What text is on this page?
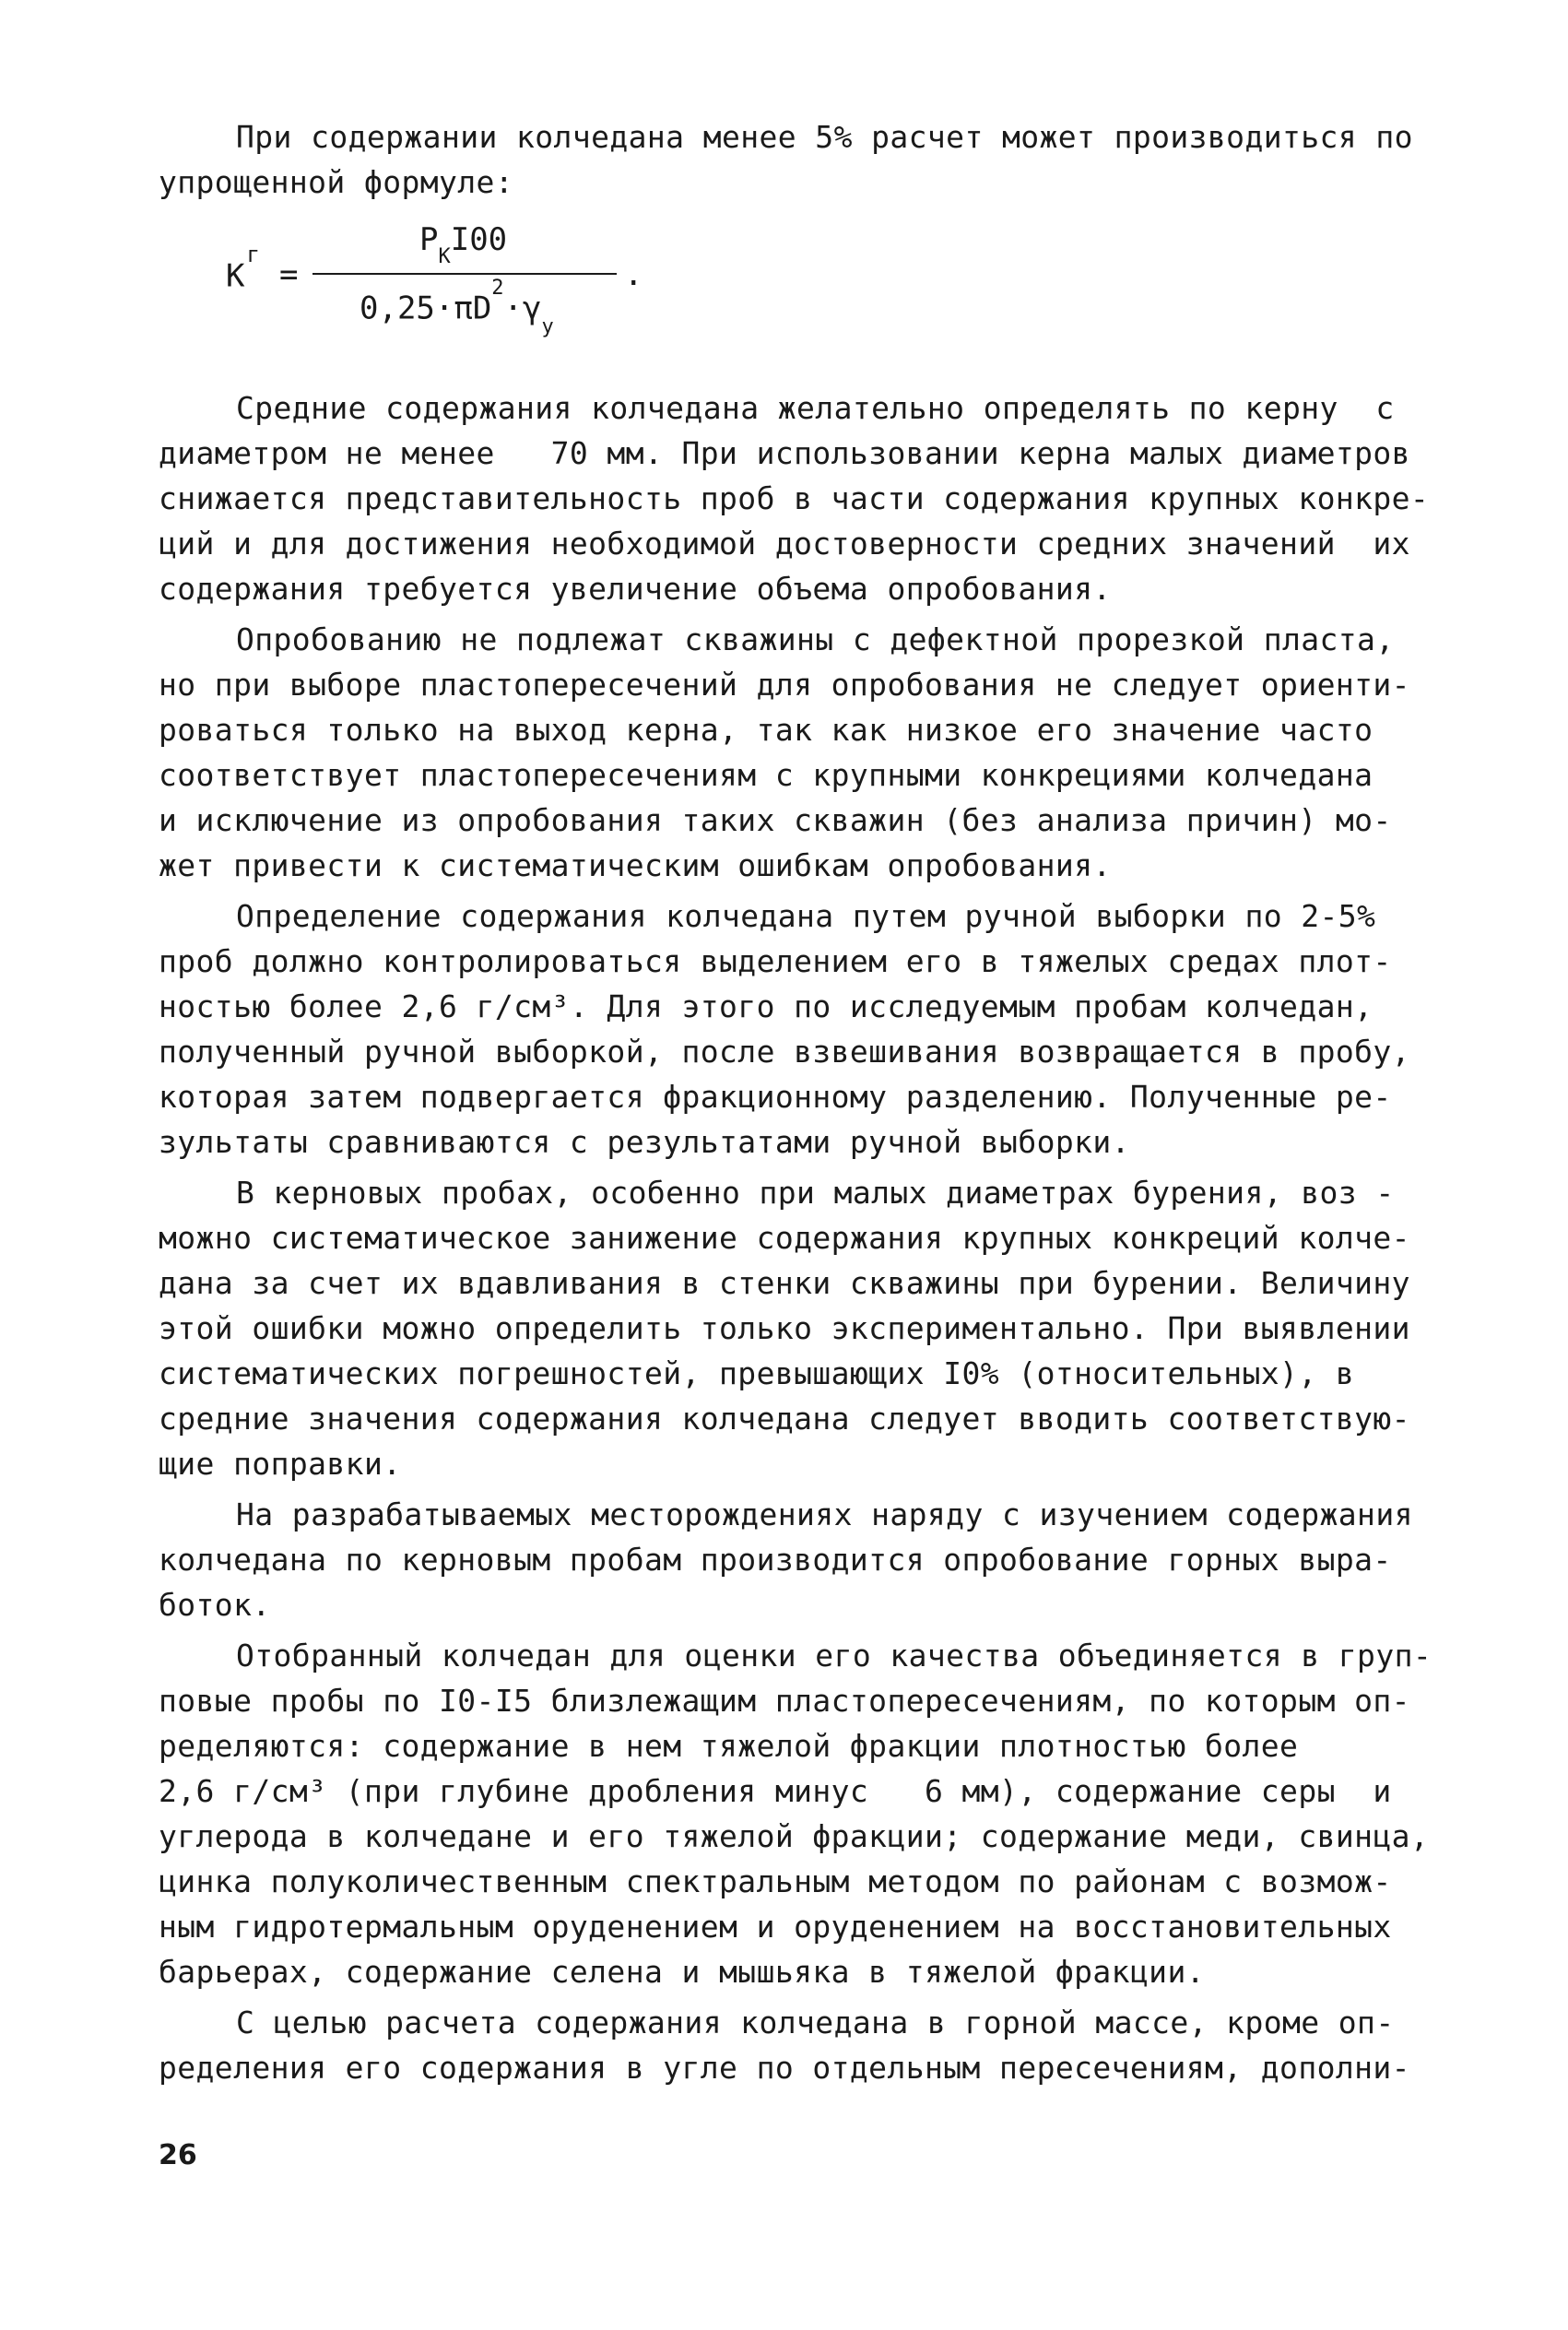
При содержании колчедана менее 5% расчет может производиться по
упрощенной формуле:
$K^г$
=
$P_KI00$
.
$0,25\cdot\pi D^2\cdot\gamma_y$
Средние содержания колчедана желательно определять по керну  с
диаметром не менее   70 мм. При использовании керна малых диаметров
снижается представительность проб в части содержания крупных конкре-
ций и для достижения необходимой достоверности средних значений  их
содержания требуется увеличение объема опробования.
Опробованию не подлежат скважины с дефектной прорезкой пласта,
но при выборе пластопересечений для опробования не следует ориенти-
роваться только на выход керна, так как низкое его значение часто
соответствует пластопересечениям с крупными конкрециями колчедана
и исключение из опробования таких скважин (без анализа причин) мо-
жет привести к систематическим ошибкам опробования.
Определение содержания колчедана путем ручной выборки по 2-5%
проб должно контролироваться выделением его в тяжелых средах плот-
ностью более 2,6 г/см³. Для этого по исследуемым пробам колчедан,
полученный ручной выборкой, после взвешивания возвращается в пробу,
которая затем подвергается фракционному разделению. Полученные ре-
зультаты сравниваются с результатами ручной выборки.
В керновых пробах, особенно при малых диаметрах бурения, воз -
можно систематическое занижение содержания крупных конкреций колче-
дана за счет их вдавливания в стенки скважины при бурении. Величину
этой ошибки можно определить только экспериментально. При выявлении
систематических погрешностей, превышающих I0% (относительных), в
средние значения содержания колчедана следует вводить соответствую-
щие поправки.
На разрабатываемых месторождениях наряду с изучением содержания
колчедана по керновым пробам производится опробование горных выра-
боток.
Отобранный колчедан для оценки его качества объединяется в груп-
повые пробы по I0-I5 близлежащим пластопересечениям, по которым оп-
ределяются: содержание в нем тяжелой фракции плотностью более
2,6 г/см³ (при глубине дробления минус   6 мм), содержание серы  и
углерода в колчедане и его тяжелой фракции; содержание меди, свинца,
цинка полуколичественным спектральным методом по районам с возмож-
ным гидротермальным оруденением и оруденением на восстановительных
барьерах, содержание селена и мышьяка в тяжелой фракции.
С целью расчета содержания колчедана в горной массе, кроме оп-
ределения его содержания в угле по отдельным пересечениям, дополни-
26
